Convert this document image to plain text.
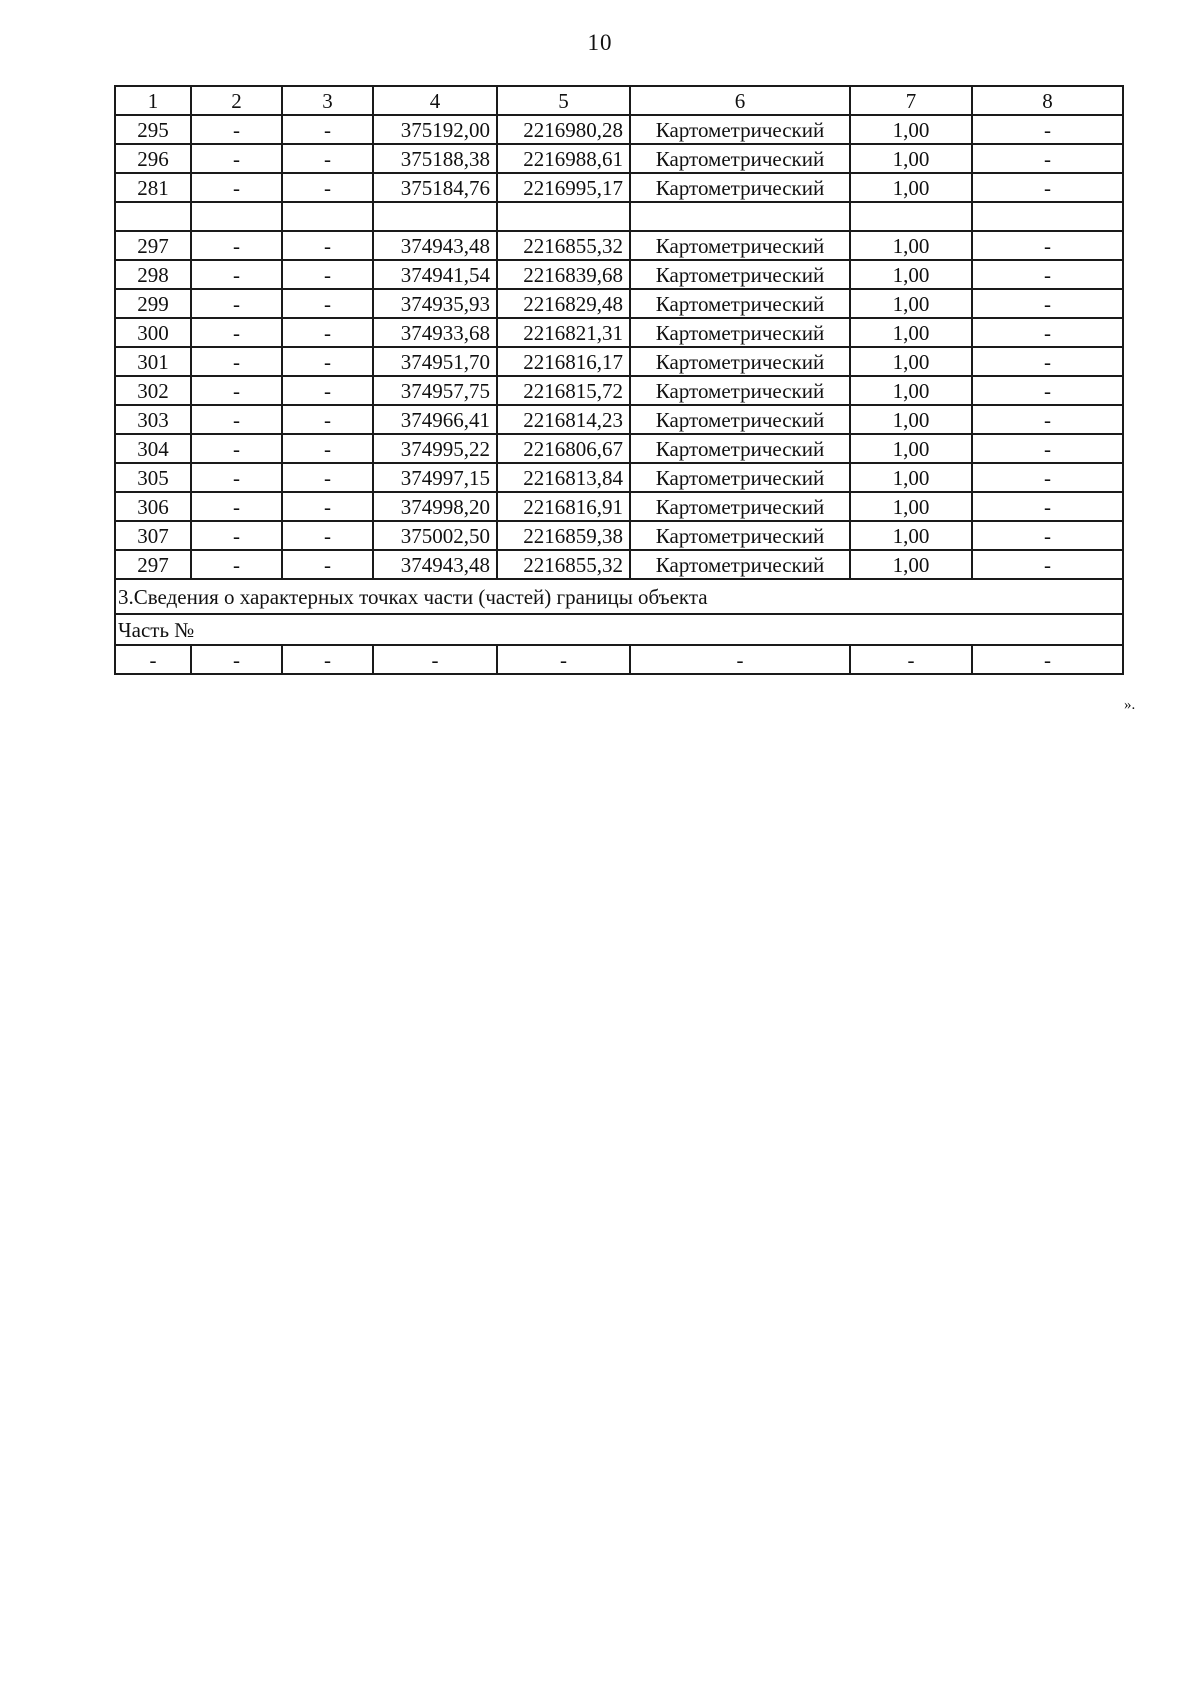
10
1	2	3	4	5	6	7	8
295	-	-	375192,00	2216980,28	Картометрический	1,00	-
296	-	-	375188,38	2216988,61	Картометрический	1,00	-
281	-	-	375184,76	2216995,17	Картометрический	1,00	-

297	-	-	374943,48	2216855,32	Картометрический	1,00	-
298	-	-	374941,54	2216839,68	Картометрический	1,00	-
299	-	-	374935,93	2216829,48	Картометрический	1,00	-
300	-	-	374933,68	2216821,31	Картометрический	1,00	-
301	-	-	374951,70	2216816,17	Картометрический	1,00	-
302	-	-	374957,75	2216815,72	Картометрический	1,00	-
303	-	-	374966,41	2216814,23	Картометрический	1,00	-
304	-	-	374995,22	2216806,67	Картометрический	1,00	-
305	-	-	374997,15	2216813,84	Картометрический	1,00	-
306	-	-	374998,20	2216816,91	Картометрический	1,00	-
307	-	-	375002,50	2216859,38	Картометрический	1,00	-
297	-	-	374943,48	2216855,32	Картометрический	1,00	-
3.Сведения о характерных точках части (частей) границы объекта							
Часть №							
-	-	-	-	-	-	-	-
».
